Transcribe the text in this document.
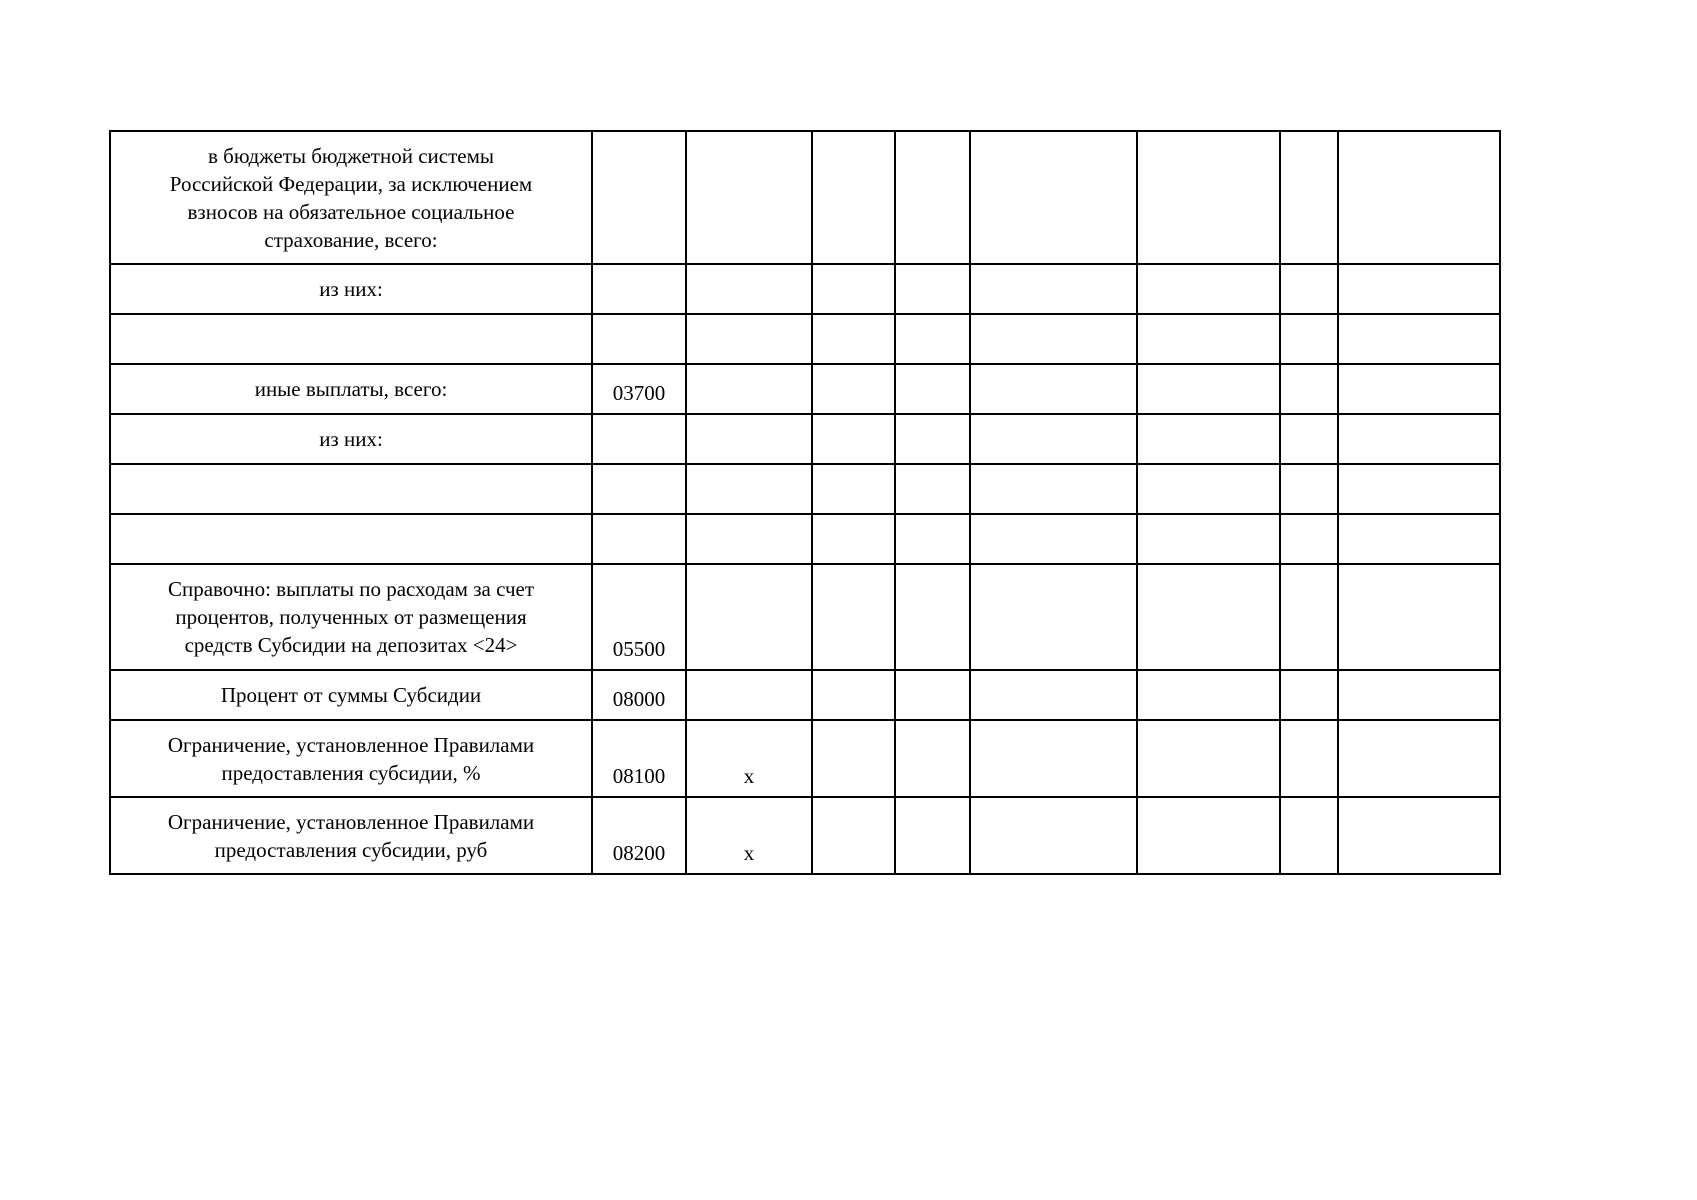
в бюджеты бюджетной системы
Российской Федерации, за исключением
взносов на обязательное социальное
страхование, всего:								
из них:								

иные выплаты, всего:	03700							
из них:								

Справочно: выплаты по расходам за счет
процентов, полученных от размещения
средств Субсидии на депозитах <24>	05500							
Процент от суммы Субсидии	08000							
Ограничение, установленное Правилами
предоставления субсидии, %	08100	x						
Ограничение, установленное Правилами
предоставления субсидии, руб	08200	x						
